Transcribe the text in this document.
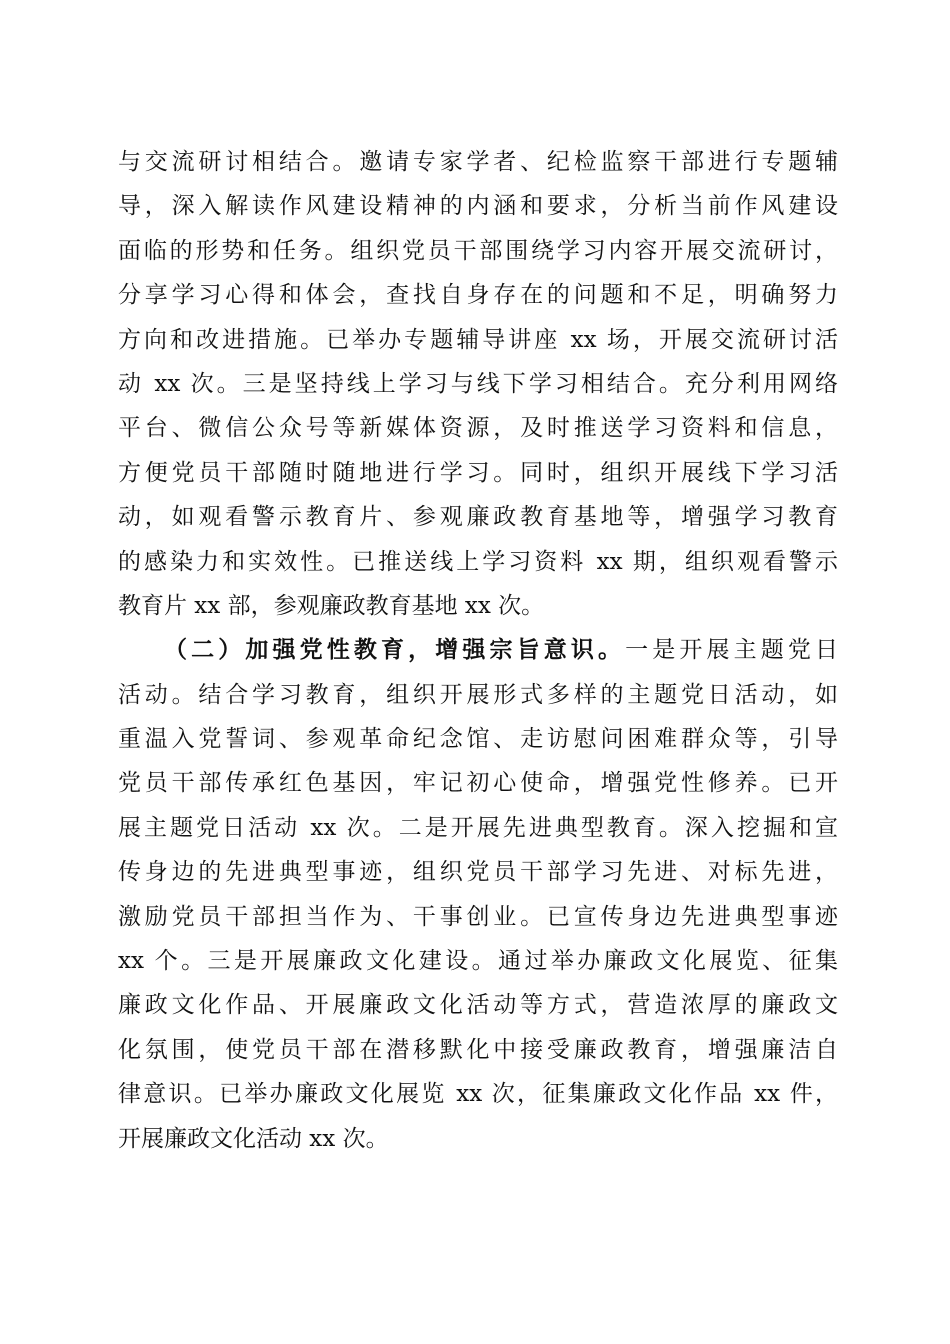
与交流研讨相结合。邀请专家学者、纪检监察干部进行专题辅
导，深入解读作风建设精神的内涵和要求，分析当前作风建设
面临的形势和任务。组织党员干部围绕学习内容开展交流研讨，
分享学习心得和体会，查找自身存在的问题和不足，明确努力
方向和改进措施。已举办专题辅导讲座 xx 场，开展交流研讨活
动 xx 次。三是坚持线上学习与线下学习相结合。充分利用网络
平台、微信公众号等新媒体资源，及时推送学习资料和信息，
方便党员干部随时随地进行学习。同时，组织开展线下学习活
动，如观看警示教育片、参观廉政教育基地等，增强学习教育
的感染力和实效性。已推送线上学习资料 xx 期，组织观看警示
教育片 xx 部，参观廉政教育基地 xx 次。
（二）加强党性教育，增强宗旨意识。一是开展主题党日
活动。结合学习教育，组织开展形式多样的主题党日活动，如
重温入党誓词、参观革命纪念馆、走访慰问困难群众等，引导
党员干部传承红色基因，牢记初心使命，增强党性修养。已开
展主题党日活动 xx 次。二是开展先进典型教育。深入挖掘和宣
传身边的先进典型事迹，组织党员干部学习先进、对标先进，
激励党员干部担当作为、干事创业。已宣传身边先进典型事迹
xx 个。三是开展廉政文化建设。通过举办廉政文化展览、征集
廉政文化作品、开展廉政文化活动等方式，营造浓厚的廉政文
化氛围，使党员干部在潜移默化中接受廉政教育，增强廉洁自
律意识。已举办廉政文化展览 xx 次，征集廉政文化作品 xx 件，
开展廉政文化活动 xx 次。
